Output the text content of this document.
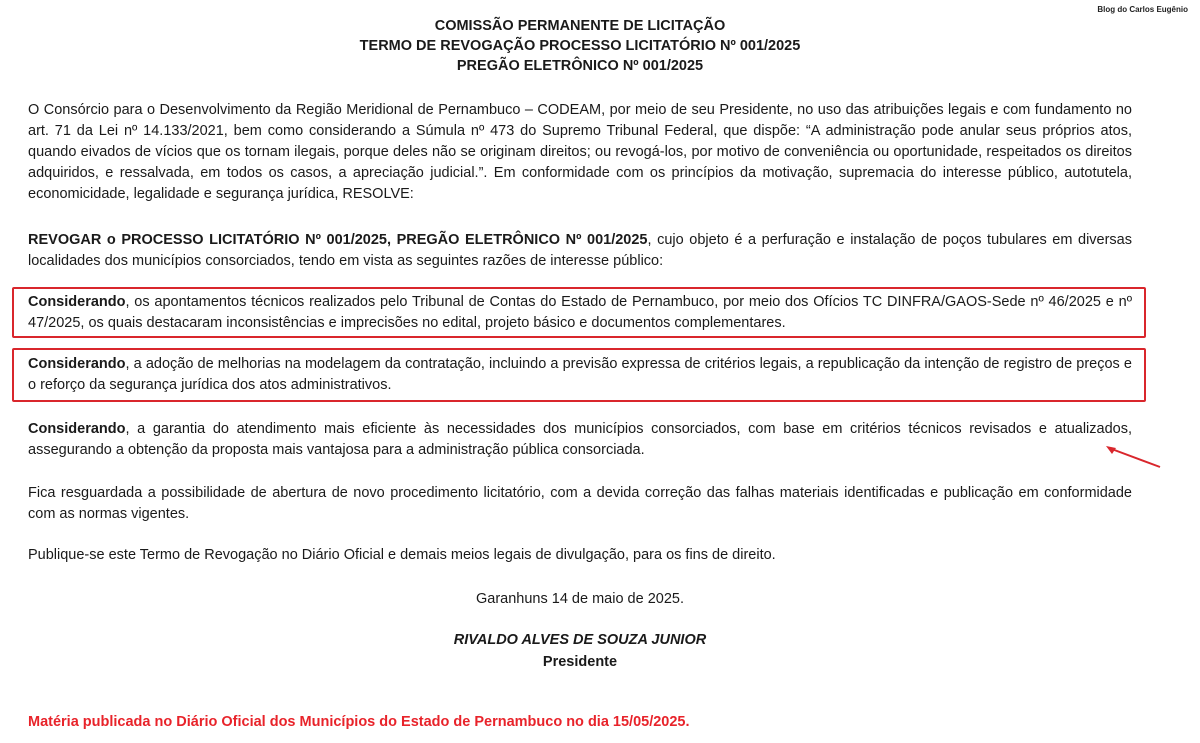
Blog do Carlos Eugênio
COMISSÃO PERMANENTE DE LICITAÇÃO
TERMO DE REVOGAÇÃO PROCESSO LICITATÓRIO Nº 001/2025
PREGÃO ELETRÔNICO Nº 001/2025

O Consórcio para o Desenvolvimento da Região Meridional de Pernambuco – CODEAM, por meio de seu Presidente, no uso das atribuições legais e com fundamento no art. 71 da Lei nº 14.133/2021, bem como considerando a Súmula nº 473 do Supremo Tribunal Federal, que dispõe: “A administração pode anular seus próprios atos, quando eivados de vícios que os tornam ilegais, porque deles não se originam direitos; ou revogá-los, por motivo de conveniência ou oportunidade, respeitados os direitos adquiridos, e ressalvada, em todos os casos, a apreciação judicial.”. Em conformidade com os princípios da motivação, supremacia do interesse público, autotutela, economicidade, legalidade e segurança jurídica, RESOLVE:

REVOGAR o PROCESSO LICITATÓRIO Nº 001/2025, PREGÃO ELETRÔNICO Nº 001/2025, cujo objeto é a perfuração e instalação de poços tubulares em diversas localidades dos municípios consorciados, tendo em vista as seguintes razões de interesse público:

Considerando, os apontamentos técnicos realizados pelo Tribunal de Contas do Estado de Pernambuco, por meio dos Ofícios TC DINFRA/GAOS-Sede nº 46/2025 e nº 47/2025, os quais destacaram inconsistências e imprecisões no edital, projeto básico e documentos complementares.

Considerando, a adoção de melhorias na modelagem da contratação, incluindo a previsão expressa de critérios legais, a republicação da intenção de registro de preços e o reforço da segurança jurídica dos atos administrativos.

Considerando, a garantia do atendimento mais eficiente às necessidades dos municípios consorciados, com base em critérios técnicos revisados e atualizados, assegurando a obtenção da proposta mais vantajosa para a administração pública consorciada.

Fica resguardada a possibilidade de abertura de novo procedimento licitatório, com a devida correção das falhas materiais identificadas e publicação em conformidade com as normas vigentes.

Publique-se este Termo de Revogação no Diário Oficial e demais meios legais de divulgação, para os fins de direito.

Garanhuns 14 de maio de 2025.
RIVALDO ALVES DE SOUZA JUNIOR
Presidente
Matéria publicada no Diário Oficial dos Municípios do Estado de Pernambuco no dia 15/05/2025.
